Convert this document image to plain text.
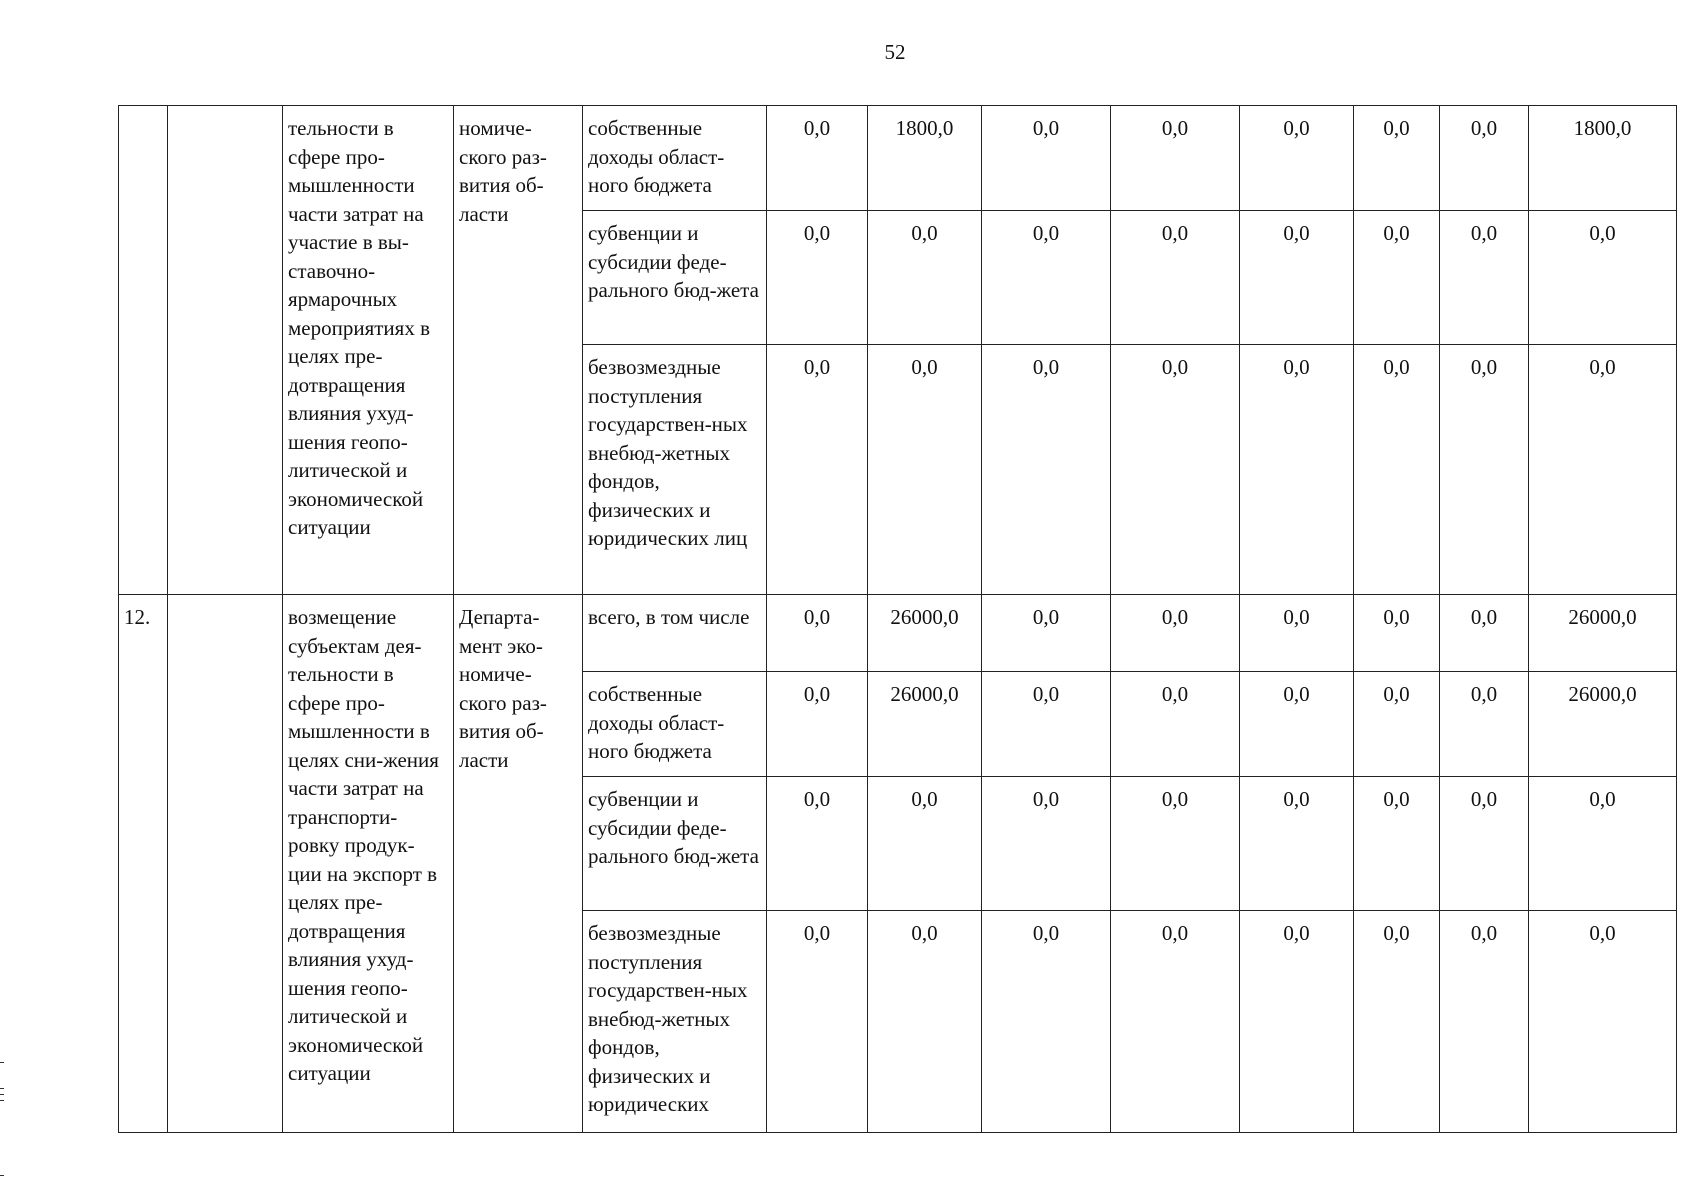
52
		тельности в сфере про-мышленности части затрат на участие в вы-ставочно-ярмарочных мероприятиях в целях пре-дотвращения влияния ухуд-шения геопо-литической и экономической ситуации	номиче-ского раз-вития об-ласти	собственные доходы област-ного бюджета	0,0	1800,0	0,0	0,0	0,0	0,0	0,0	1800,0
				субвенции и субсидии феде-рального бюд-жета	0,0	0,0	0,0	0,0	0,0	0,0	0,0	0,0
				безвозмездные поступления государствен-ных внебюд-жетных фондов, физических и юридических лиц	0,0	0,0	0,0	0,0	0,0	0,0	0,0	0,0
12.		возмещение субъектам дея-тельности в сфере про-мышленности в целях сни-жения части затрат на транспорти-ровку продук-ции на экспорт в целях пре-дотвращения влияния ухуд-шения геопо-литической и экономической ситуации	Департа-мент эко-номиче-ского раз-вития об-ласти	всего, в том числе	0,0	26000,0	0,0	0,0	0,0	0,0	0,0	26000,0
				собственные доходы област-ного бюджета	0,0	26000,0	0,0	0,0	0,0	0,0	0,0	26000,0
				субвенции и субсидии феде-рального бюд-жета	0,0	0,0	0,0	0,0	0,0	0,0	0,0	0,0
				безвозмездные поступления государствен-ных внебюд-жетных фондов, физических и юридических	0,0	0,0	0,0	0,0	0,0	0,0	0,0	0,0
